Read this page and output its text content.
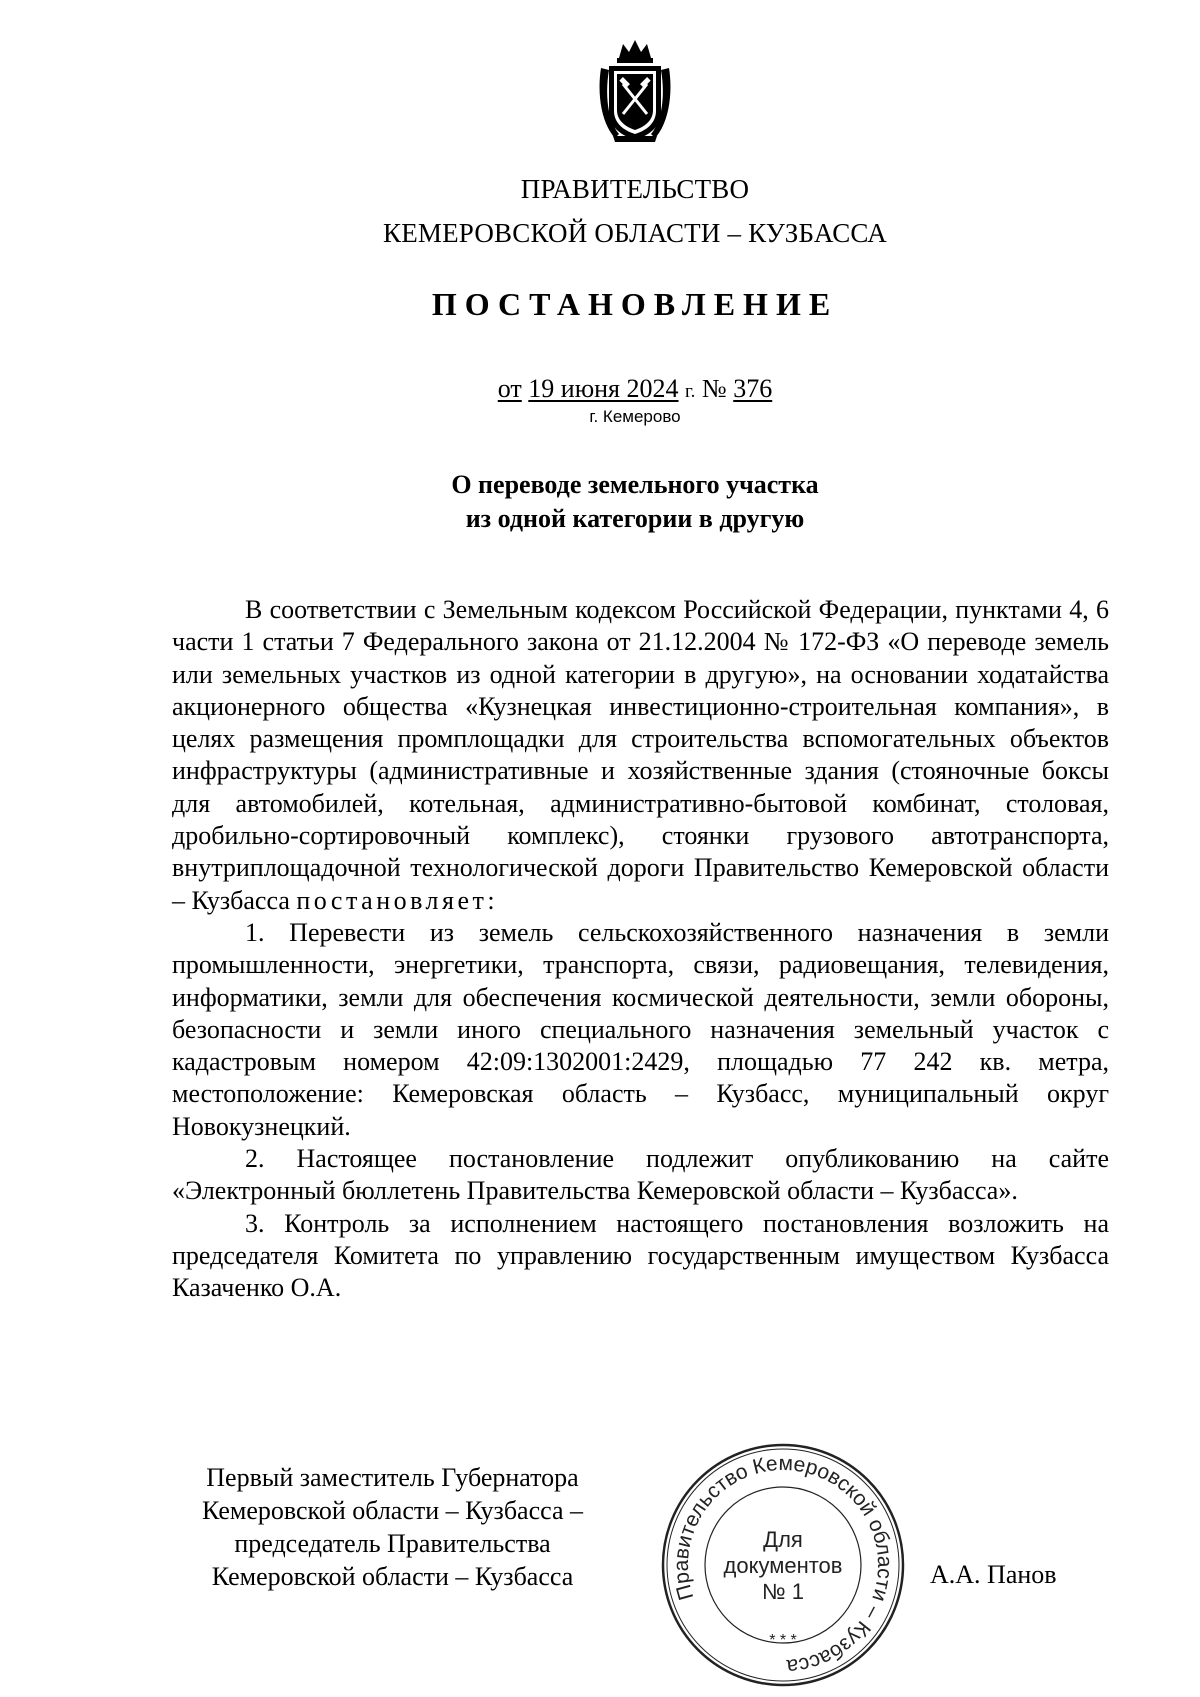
ПРАВИТЕЛЬСТВО
КЕМЕРОВСКОЙ ОБЛАСТИ – КУЗБАССА
ПОСТАНОВЛЕНИЕ
от 19 июня 2024 г. № 376
г. Кемерово
О переводе земельного участка
из одной категории в другую

В соответствии с Земельным кодексом Российской Федерации, пунктами 4, 6 части 1 статьи 7 Федерального закона от 21.12.2004 № 172-ФЗ «О переводе земель или земельных участков из одной категории в другую», на основании ходатайства акционерного общества «Кузнецкая инвестиционно-строительная компания», в целях размещения промплощадки для строительства вспомогательных объектов инфраструктуры (административные и хозяйственные здания (стояночные боксы для автомобилей, котельная, административно-бытовой комбинат, столовая, дробильно-сортировочный комплекс), стоянки грузового автотранспорта, внутриплощадочной технологической дороги Правительство Кемеровской области – Кузбасса постановляет:

1. Перевести из земель сельскохозяйственного назначения в земли промышленности, энергетики, транспорта, связи, радиовещания, телевидения, информатики, земли для обеспечения космической деятельности, земли обороны, безопасности и земли иного специального назначения земельный участок с кадастровым номером 42:09:1302001:2429, площадью 77 242 кв. метра, местоположение: Кемеровская область – Кузбасс, муниципальный округ Новокузнецкий.

2. Настоящее постановление подлежит опубликованию на сайте «Электронный бюллетень Правительства Кемеровской области – Кузбасса».

3. Контроль за исполнением настоящего постановления возложить на председателя Комитета по управлению государственным имуществом Кузбасса Казаченко О.А.

Первый заместитель Губернатора
Кемеровской области – Кузбасса –
председатель Правительства
Кемеровской области – Кузбасса
Правительство Кемеровской области – Кузбасса
* * *
Для
документов
№ 1
А.А. Панов
